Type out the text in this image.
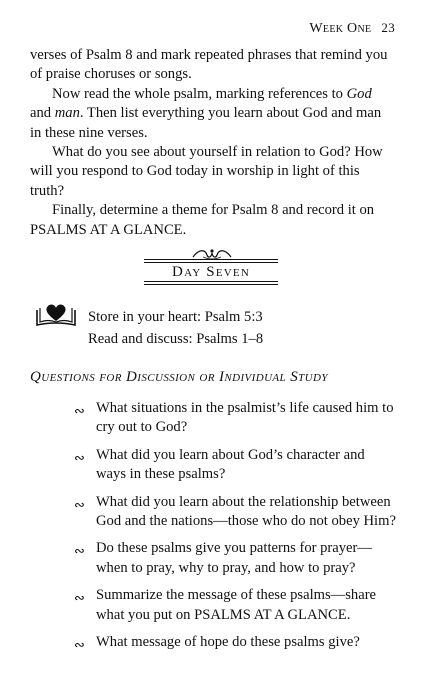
Week One 23

verses of Psalm 8 and mark repeated phrases that remind you of praise choruses or songs.

Now read the whole psalm, marking references to God and man. Then list everything you learn about God and man in these nine verses.

What do you see about yourself in relation to God? How will you respond to God today in worship in light of this truth?

Finally, determine a theme for Psalm 8 and record it on PSALMS AT A GLANCE.

Day Seven
Store in your heart: Psalm 5:3
Read and discuss: Psalms 1–8
Questions for Discussion or Individual Study
∾ What situations in the psalmist’s life caused him to cry out to God?
∾ What did you learn about God’s character and ways in these psalms?
∾ What did you learn about the relationship between God and the nations—those who do not obey Him?
∾ Do these psalms give you patterns for prayer—when to pray, why to pray, and how to pray?
∾ Summarize the message of these psalms—share what you put on PSALMS AT A GLANCE.
∾ What message of hope do these psalms give?
